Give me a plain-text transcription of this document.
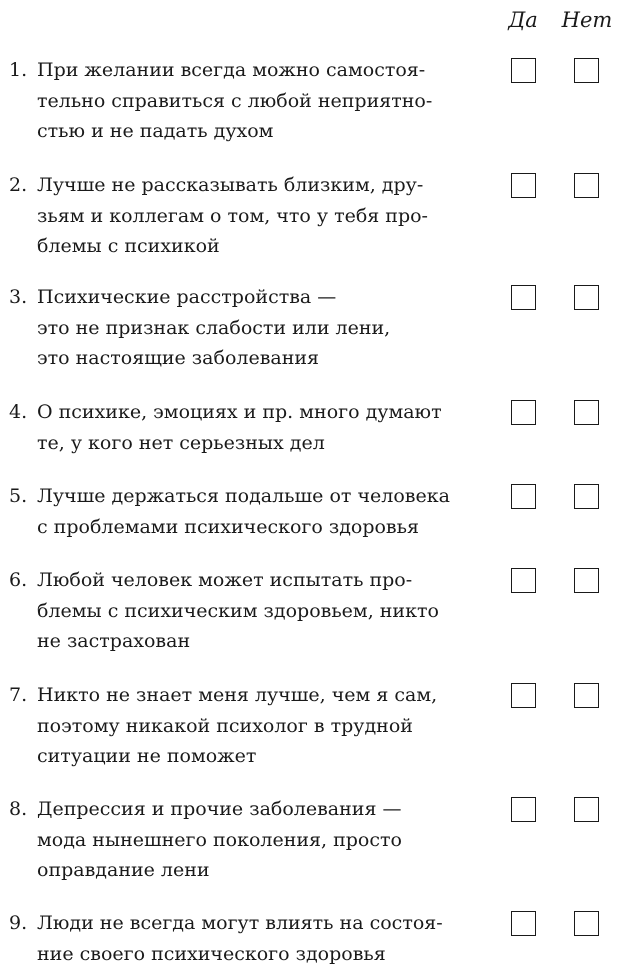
Да	Нет
1. При желании всегда можно самостоя-
тельно справиться с любой неприятно-
стью и не падать духом
2. Лучше не рассказывать близким, дру-
зьям и коллегам о том, что у тебя про-
блемы с психикой
3. Психические расстройства —
это не признак слабости или лени,
это настоящие заболевания
4. О психике, эмоциях и пр. много думают
те, у кого нет серьезных дел
5. Лучше держаться подальше от человека
с проблемами психического здоровья
6. Любой человек может испытать про-
блемы с психическим здоровьем, никто
не застрахован
7. Никто не знает меня лучше, чем я сам,
поэтому никакой психолог в трудной
ситуации не поможет
8. Депрессия и прочие заболевания —
мода нынешнего поколения, просто
оправдание лени
9. Люди не всегда могут влиять на состоя-
ние своего психического здоровья
